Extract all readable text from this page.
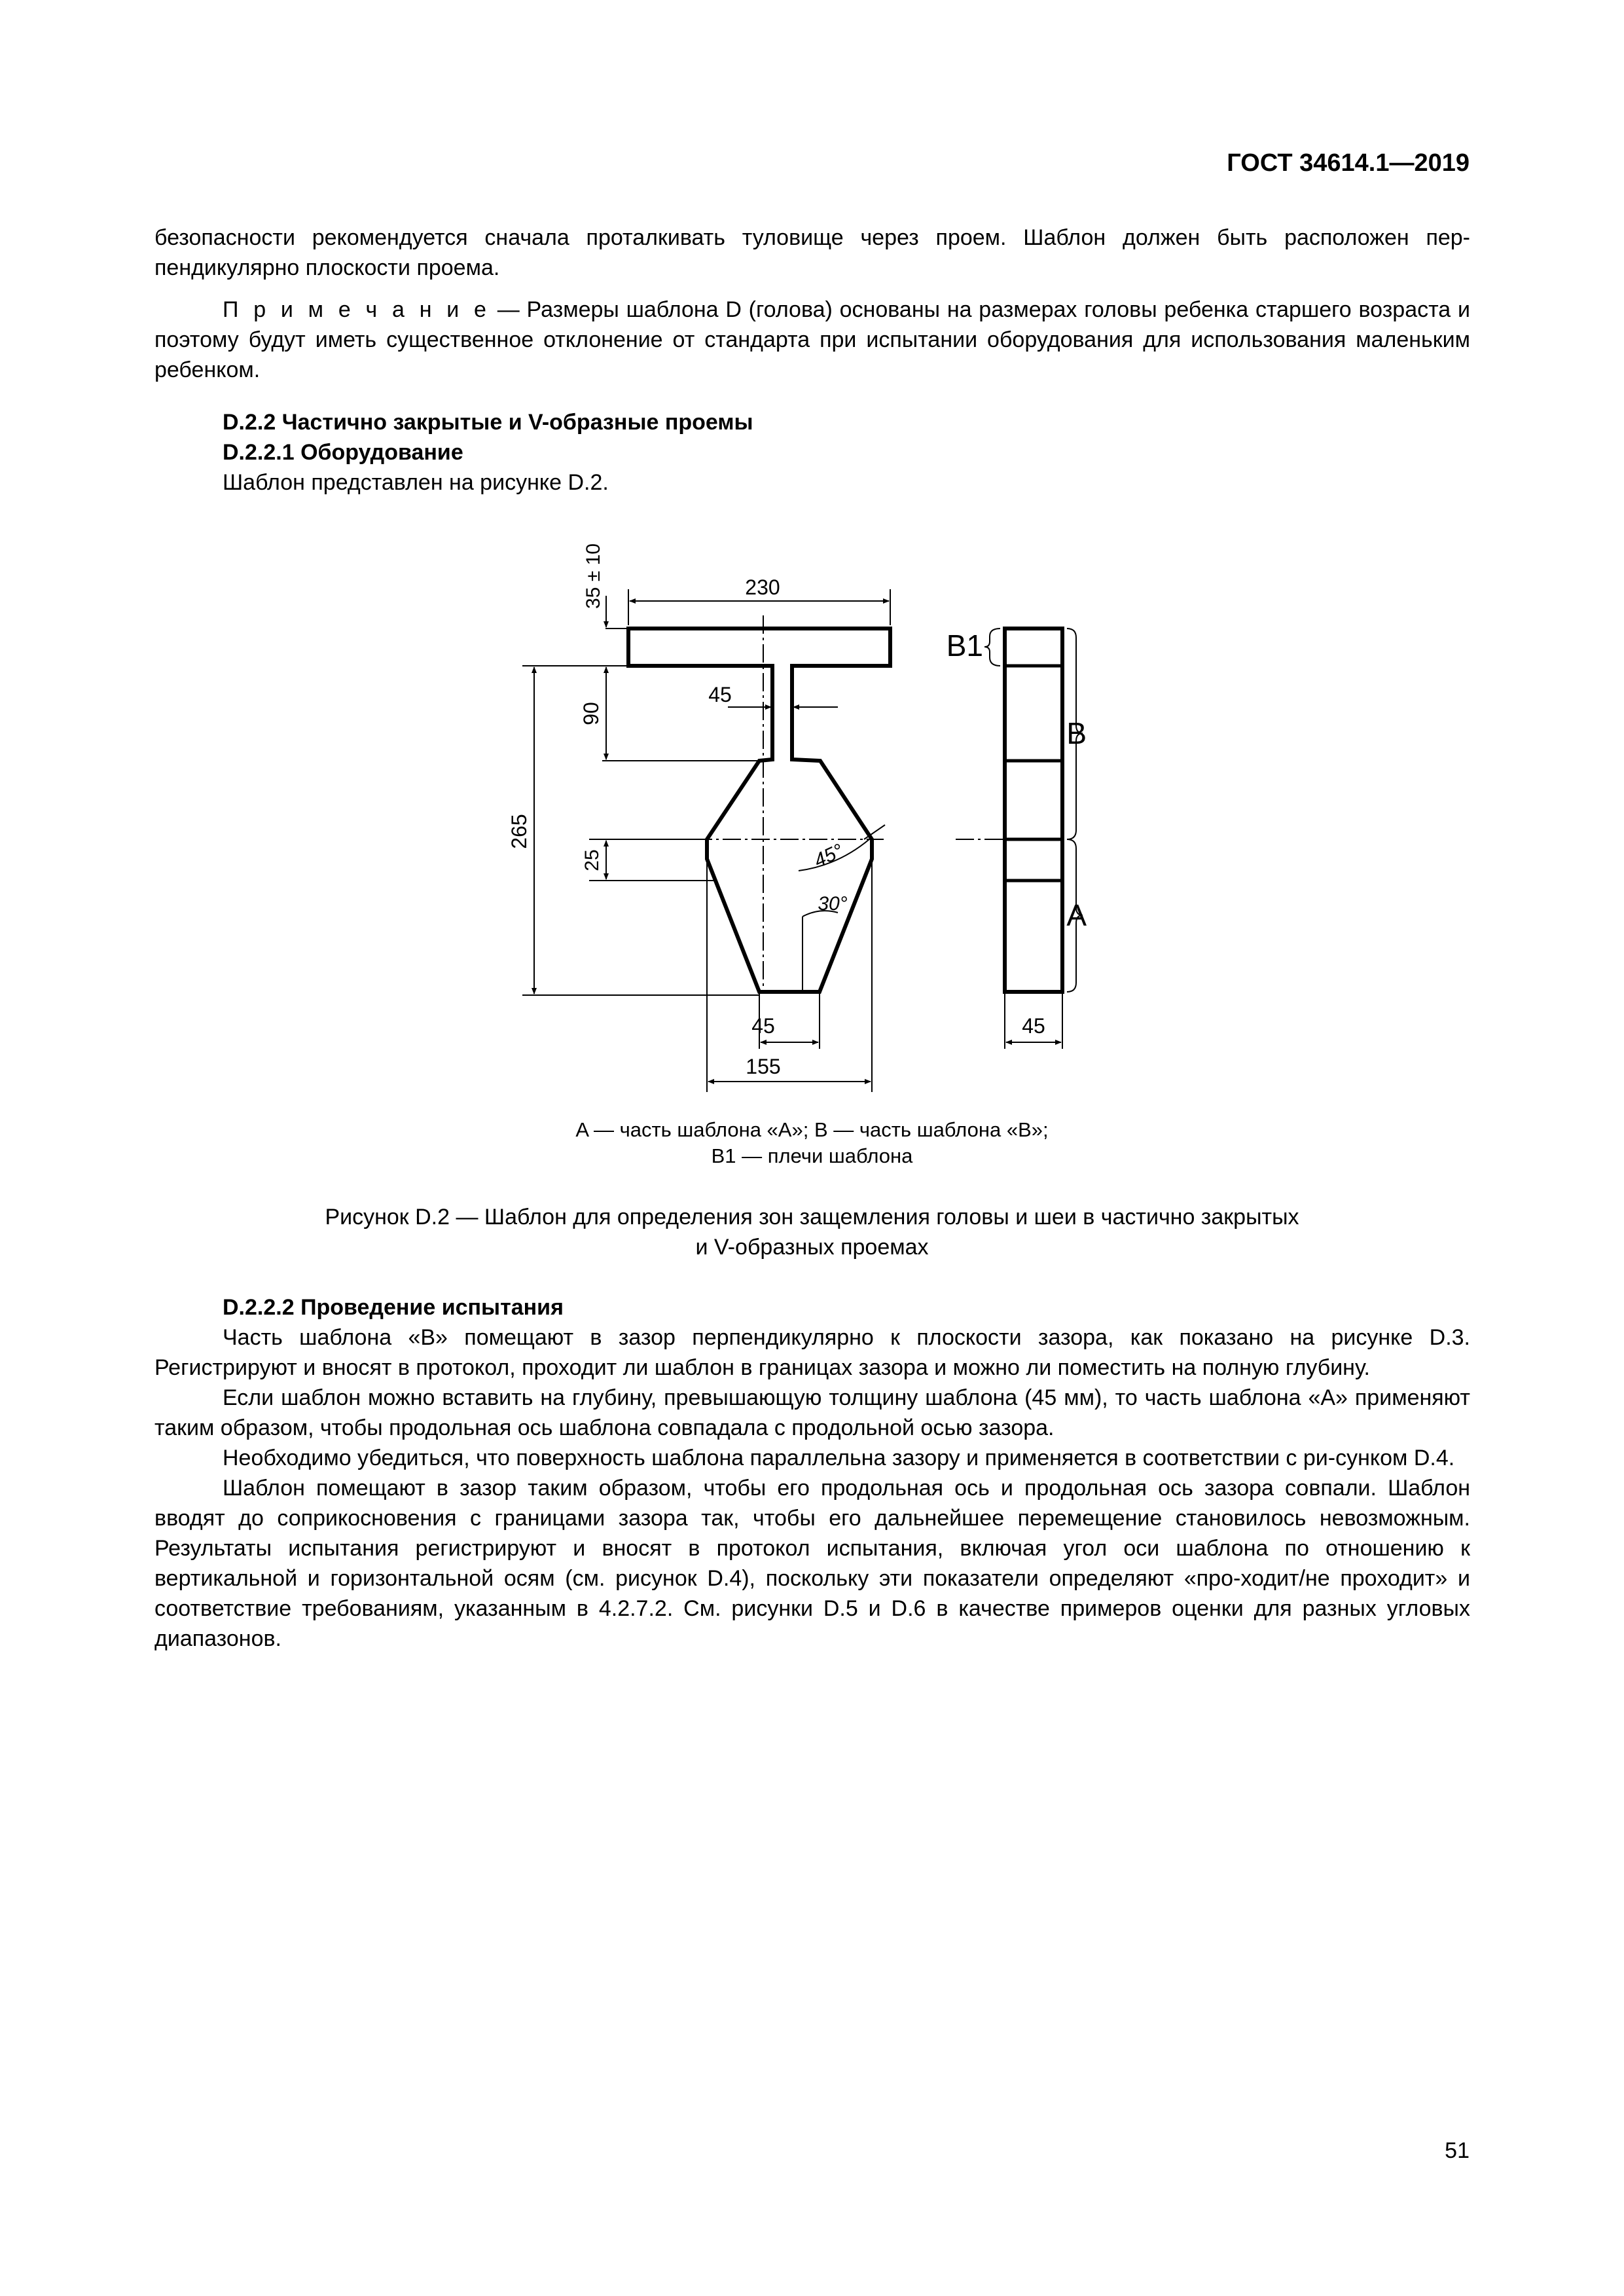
ГОСТ 34614.1—2019

безопасности рекомендуется сначала проталкивать туловище через проем. Шаблон должен быть расположен пер-пендикулярно плоскости проема.

П р и м е ч а н и е — Размеры шаблона D (голова) основаны на размерах головы ребенка старшего возраста и поэтому будут иметь существенное отклонение от стандарта при испытании оборудования для использования маленьким ребенком.

D.2.2 Частично закрытые и V-образные проемы
D.2.2.1 Оборудование
Шаблон представлен на рисунке D.2.
230
35 ± 10
90
45
265
25	45°
30°
45
155
45
B1
B
A
A — часть шаблона «A»; B — часть шаблона «B»;
B1 — плечи шаблона
Рисунок D.2 — Шаблон для определения зон защемления головы и шеи в частично закрытых
и V-образных проемах
D.2.2.2 Проведение испытания

Часть шаблона «B» помещают в зазор перпендикулярно к плоскости зазора, как показано на рисунке D.3. Регистрируют и вносят в протокол, проходит ли шаблон в границах зазора и можно ли поместить на полную глубину.

Если шаблон можно вставить на глубину, превышающую толщину шаблона (45 мм), то часть шаблона «A» применяют таким образом, чтобы продольная ось шаблона совпадала с продольной осью зазора.

Необходимо убедиться, что поверхность шаблона параллельна зазору и применяется в соответствии с ри-сунком D.4.

Шаблон помещают в зазор таким образом, чтобы его продольная ось и продольная ось зазора совпали. Шаблон вводят до соприкосновения с границами зазора так, чтобы его дальнейшее перемещение становилось невозможным. Результаты испытания регистрируют и вносят в протокол испытания, включая угол оси шаблона по отношению к вертикальной и горизонтальной осям (см. рисунок D.4), поскольку эти показатели определяют «про-ходит/не проходит» и соответствие требованиям, указанным в 4.2.7.2. См. рисунки D.5 и D.6 в качестве примеров оценки для разных угловых диапазонов.

51
